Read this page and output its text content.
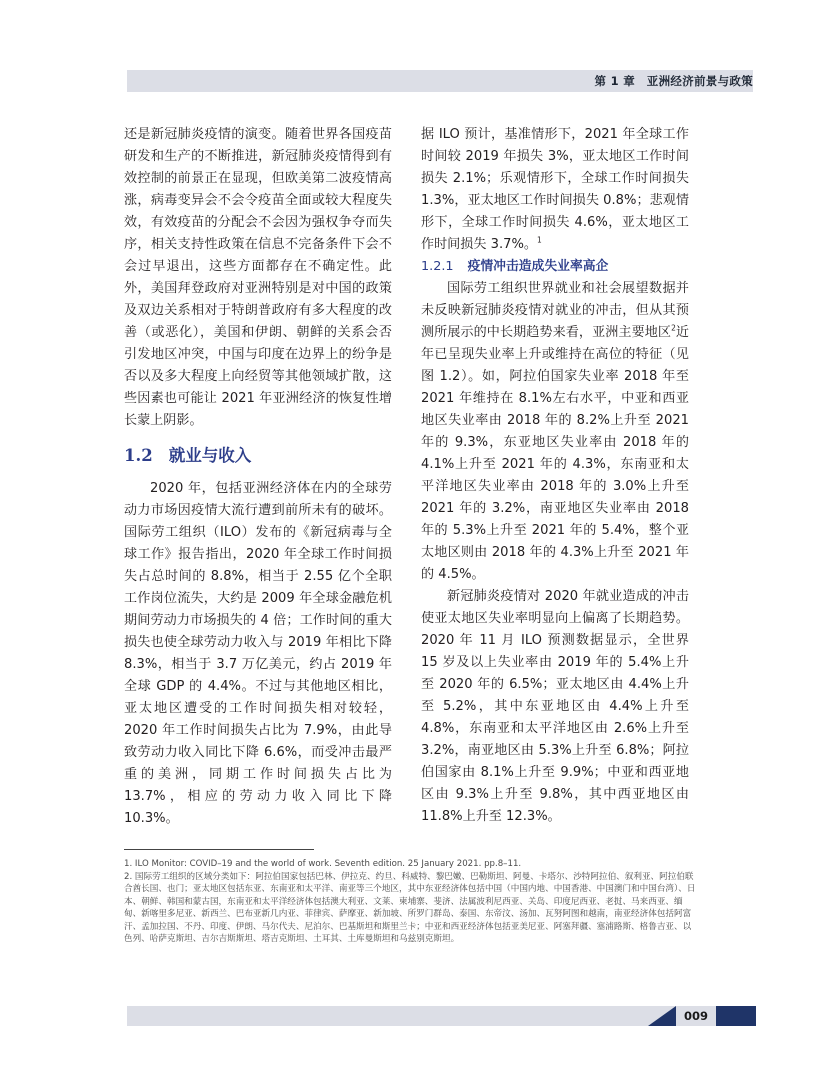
第 1 章　亚洲经济前景与政策

还是新冠肺炎疫情的演变。随着世界各国疫苗研发和生产的不断推进，新冠肺炎疫情得到有效控制的前景正在显现，但欧美第二波疫情高涨，病毒变异会不会令疫苗全面或较大程度失效，有效疫苗的分配会不会因为强权争夺而失序，相关支持性政策在信息不完备条件下会不会过早退出，这些方面都存在不确定性。此外，美国拜登政府对亚洲特别是对中国的政策及双边关系相对于特朗普政府有多大程度的改善（或恶化），美国和伊朗、朝鲜的关系会否引发地区冲突，中国与印度在边界上的纷争是否以及多大程度上向经贸等其他领域扩散，这些因素也可能让 2021 年亚洲经济的恢复性增长蒙上阴影。

1.2 就业与收入

2020 年，包括亚洲经济体在内的全球劳动力市场因疫情大流行遭到前所未有的破坏。国际劳工组织（ILO）发布的《新冠病毒与全球工作》报告指出，2020 年全球工作时间损失占总时间的 8.8%，相当于 2.55 亿个全职工作岗位流失，大约是 2009 年全球金融危机期间劳动力市场损失的 4 倍；工作时间的重大损失也使全球劳动力收入与 2019 年相比下降 8.3%，相当于 3.7 万亿美元，约占 2019 年全球 GDP 的 4.4%。不过与其他地区相比，亚太地区遭受的工作时间损失相对较轻，2020 年工作时间损失占比为 7.9%，由此导致劳动力收入同比下降 6.6%，而受冲击最严重的美洲，同期工作时间损失占比为 13.7%，相应的劳动力收入同比下降 10.3%。

据 ILO 预计，基准情形下，2021 年全球工作时间较 2019 年损失 3%，亚太地区工作时间损失 2.1%；乐观情形下，全球工作时间损失 1.3%，亚太地区工作时间损失 0.8%；悲观情形下，全球工作时间损失 4.6%，亚太地区工作时间损失 3.7%。$^1$

1.2.1 疫情冲击造成失业率高企

国际劳工组织世界就业和社会展望数据并未反映新冠肺炎疫情对就业的冲击，但从其预测所展示的中长期趋势来看，亚洲主要地区$^2$近年已呈现失业率上升或维持在高位的特征（见图 1.2）。如，阿拉伯国家失业率 2018 年至 2021 年维持在 8.1%左右水平，中亚和西亚地区失业率由 2018 年的 8.2%上升至 2021 年的 9.3%，东亚地区失业率由 2018 年的 4.1%上升至 2021 年的 4.3%，东南亚和太平洋地区失业率由 2018 年的 3.0%上升至 2021 年的 3.2%，南亚地区失业率由 2018 年的 5.3%上升至 2021 年的 5.4%，整个亚太地区则由 2018 年的 4.3%上升至 2021 年的 4.5%。

新冠肺炎疫情对 2020 年就业造成的冲击使亚太地区失业率明显向上偏离了长期趋势。2020 年 11 月 ILO 预测数据显示，全世界 15 岁及以上失业率由 2019 年的 5.4%上升至 2020 年的 6.5%；亚太地区由 4.4%上升至 5.2%，其中东亚地区由 4.4%上升至 4.8%，东南亚和太平洋地区由 2.6%上升至 3.2%，南亚地区由 5.3%上升至 6.8%；阿拉伯国家由 8.1%上升至 9.9%；中亚和西亚地区由 9.3%上升至 9.8%，其中西亚地区由 11.8%上升至 12.3%。

1. ILO Monitor: COVID–19 and the world of work. Seventh edition. 25 January 2021. pp.8–11.

2. 国际劳工组织的区域分类如下：阿拉伯国家包括巴林、伊拉克、约旦、科威特、黎巴嫩、巴勒斯坦、阿曼、卡塔尔、沙特阿拉伯、叙利亚、阿拉伯联合酋长国、也门；亚太地区包括东亚、东南亚和太平洋、南亚等三个地区，其中东亚经济体包括中国（中国内地、中国香港、中国澳门和中国台湾）、日本、朝鲜、韩国和蒙古国，东南亚和太平洋经济体包括澳大利亚、文莱、柬埔寨、斐济、法属波利尼西亚、关岛、印度尼西亚、老挝、马来西亚、缅甸、新喀里多尼亚、新西兰、巴布亚新几内亚、菲律宾、萨摩亚、新加坡、所罗门群岛、泰国、东帝汶、汤加、瓦努阿图和越南，南亚经济体包括阿富汗、孟加拉国、不丹、印度、伊朗、马尔代夫、尼泊尔、巴基斯坦和斯里兰卡；中亚和西亚经济体包括亚美尼亚、阿塞拜疆、塞浦路斯、格鲁吉亚、以色列、哈萨克斯坦、吉尔吉斯斯坦、塔吉克斯坦、土耳其、土库曼斯坦和乌兹别克斯坦。

009
